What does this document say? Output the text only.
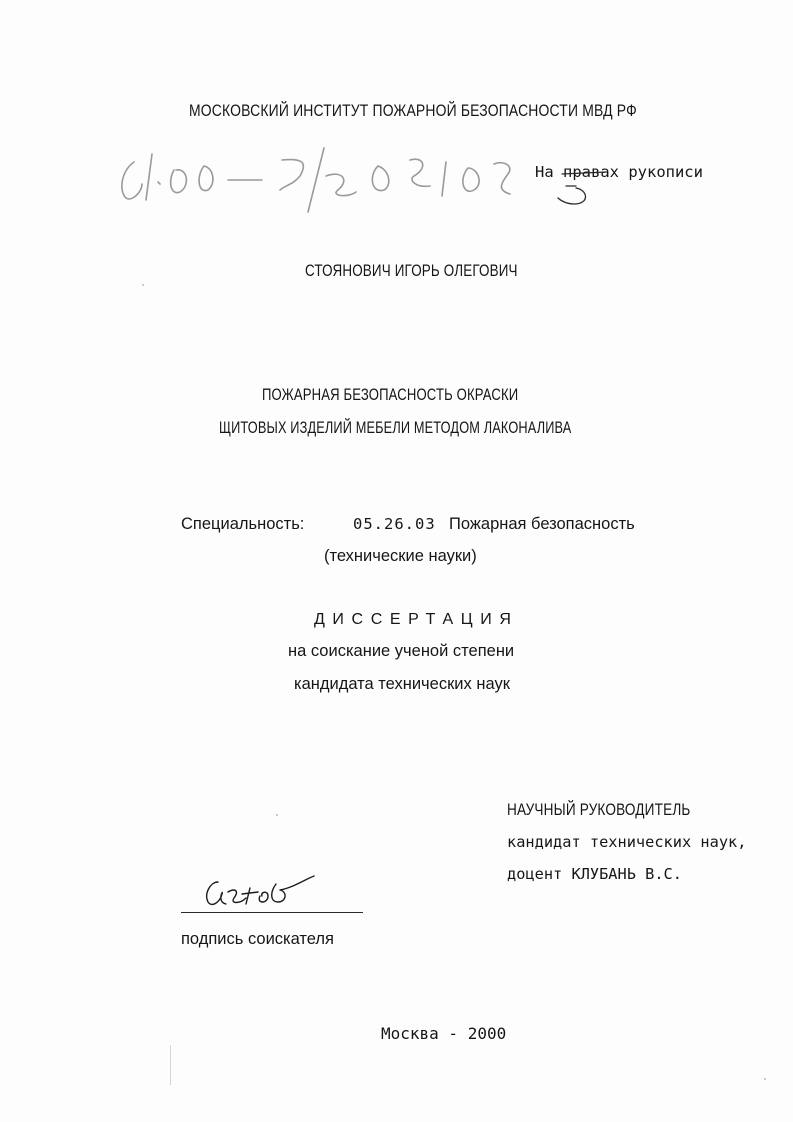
МОСКОВСКИЙ ИНСТИТУТ ПОЖАРНОЙ БЕЗОПАСНОСТИ МВД РФ
На правах рукописи
СТОЯНОВИЧ ИГОРЬ ОЛЕГОВИЧ
ПОЖАРНАЯ БЕЗОПАСНОСТЬ ОКРАСКИ
ЩИТОВЫХ ИЗДЕЛИЙ МЕБЕЛИ МЕТОДОМ ЛАКОНАЛИВА
Специальность:	05.26.03 Пожарная безопасность
(технические науки)
ДИССЕРТАЦИЯ
на соискание ученой степени
кандидата технических наук
НАУЧНЫЙ РУКОВОДИТЕЛЬ
кандидат технических наук,
доцент КЛУБАНЬ В.С.
подпись соискателя
Москва - 2000
